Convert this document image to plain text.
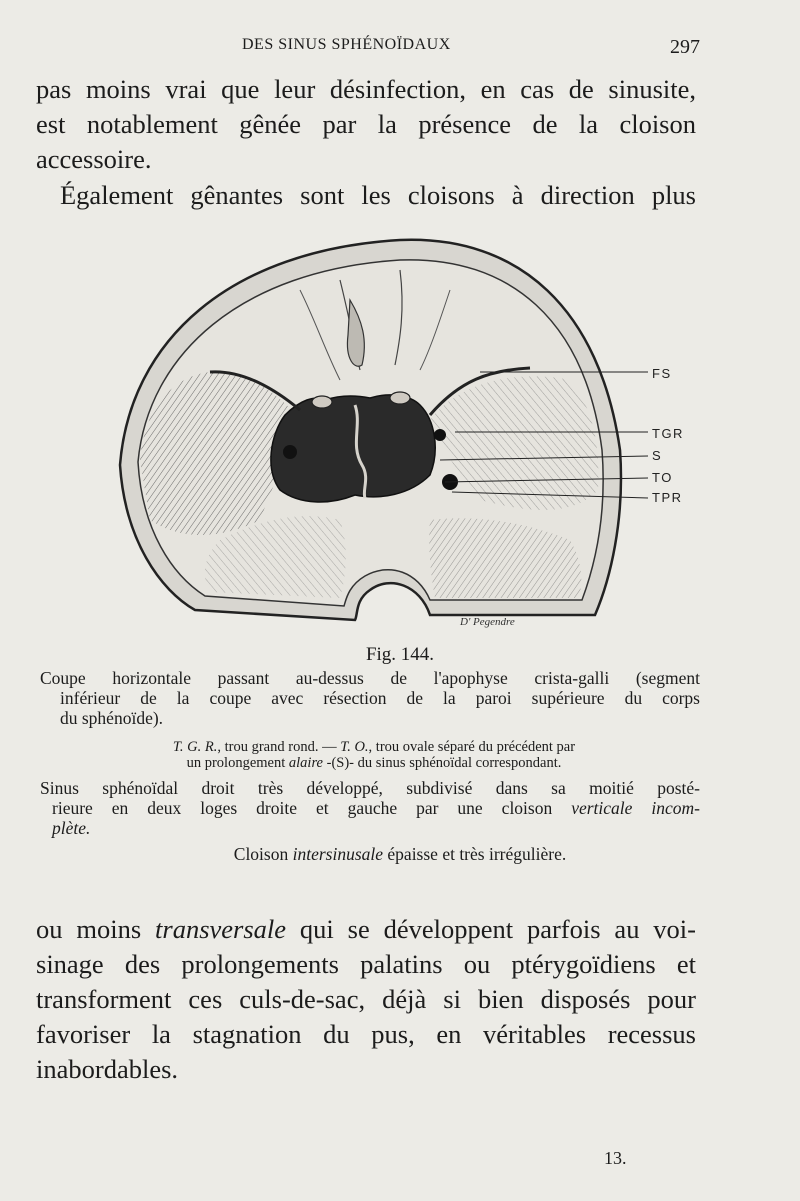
DES SINUS SPHÉNOÏDAUX	297
pas moins vrai que leur désinfection, en cas de sinusite,
est notablement gênée par la présence de la cloison
accessoire.
Également gênantes sont les cloisons à direction plus
FS
TGR
S
TO
TPR
D' Pegendre
Fig. 144.
Coupe horizontale passant au-dessus de l'apophyse crista-galli (segment
inférieur de la coupe avec résection de la paroi supérieure du corps
du sphénoïde).
T. G. R., trou grand rond. — T. O., trou ovale séparé du précédent par
un prolongement alaire -(S)- du sinus sphénoïdal correspondant.
Sinus sphénoïdal droit très développé, subdivisé dans sa moitié posté-
rieure en deux loges droite et gauche par une cloison verticale incom-
plète.
Cloison intersinusale épaisse et très irrégulière.
ou moins transversale qui se développent parfois au voi-
sinage des prolongements palatins ou ptérygoïdiens et
transforment ces culs-de-sac, déjà si bien disposés pour
favoriser la stagnation du pus, en véritables recessus
inabordables.
13.
